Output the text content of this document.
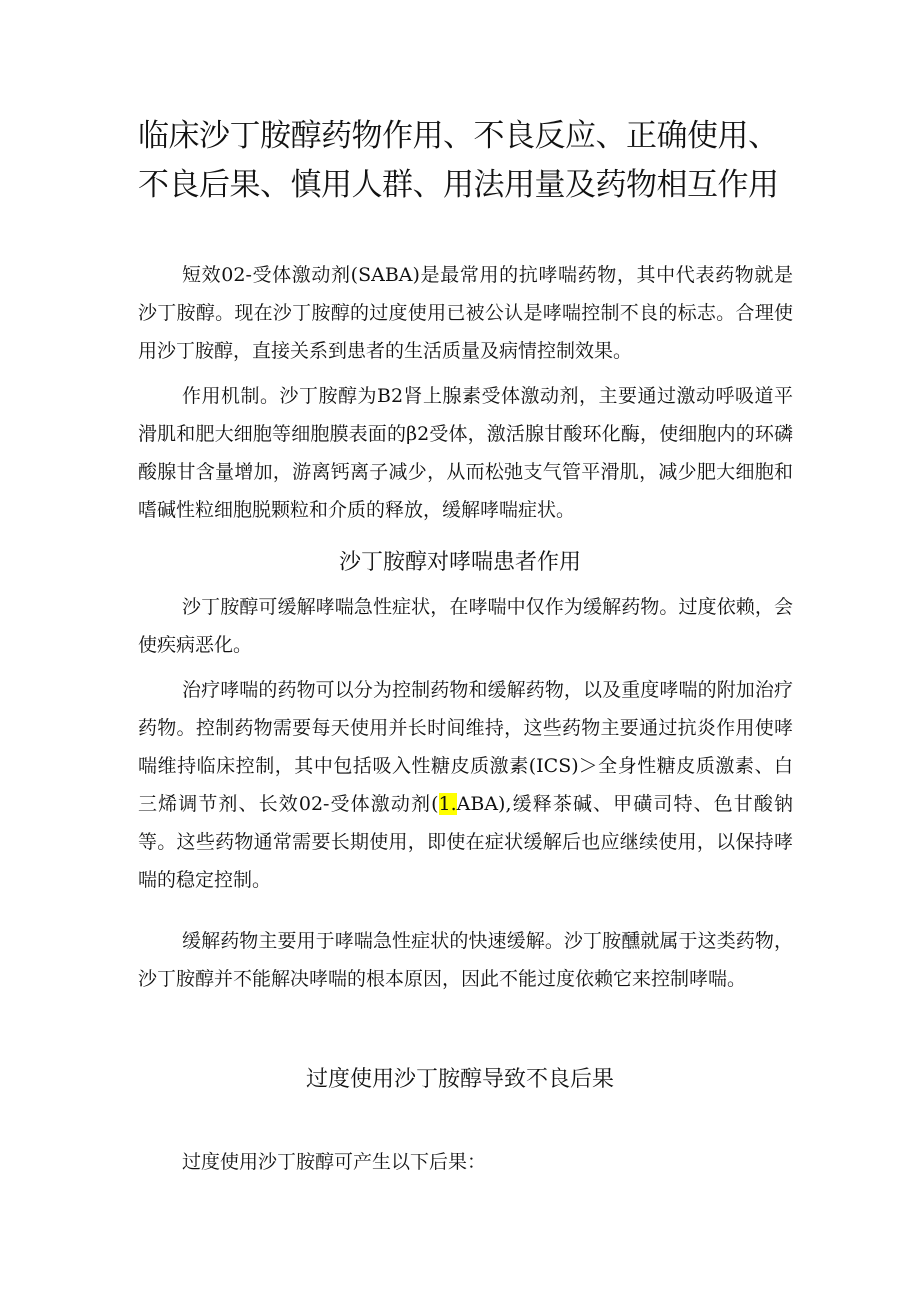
临床沙丁胺醇药物作用、不良反应、正确使用、不良后果、慎用人群、用法用量及药物相互作用

短效02-受体激动剂(SABA)是最常用的抗哮喘药物，其中代表药物就是沙丁胺醇。现在沙丁胺醇的过度使用已被公认是哮喘控制不良的标志。合理使用沙丁胺醇，直接关系到患者的生活质量及病情控制效果。

作用机制。沙丁胺醇为B2肾上腺素受体激动剂，主要通过激动呼吸道平滑肌和肥大细胞等细胞膜表面的β2受体，激活腺甘酸环化酶，使细胞内的环磷酸腺甘含量增加，游离钙离子减少，从而松弛支气管平滑肌，减少肥大细胞和嗜碱性粒细胞脱颗粒和介质的释放，缓解哮喘症状。

沙丁胺醇对哮喘患者作用

沙丁胺醇可缓解哮喘急性症状，在哮喘中仅作为缓解药物。过度依赖，会使疾病恶化。

治疗哮喘的药物可以分为控制药物和缓解药物，以及重度哮喘的附加治疗药物。控制药物需要每天使用并长时间维持，这些药物主要通过抗炎作用使哮喘维持临床控制，其中包括吸入性糖皮质激素(ICS)＞全身性糖皮质激素、白三烯调节剂、长效02-受体激动剂(1.ABA),缓释茶碱、甲磺司特、色甘酸钠等。这些药物通常需要长期使用，即使在症状缓解后也应继续使用，以保持哮喘的稳定控制。

缓解药物主要用于哮喘急性症状的快速缓解。沙丁胺醺就属于这类药物，沙丁胺醇并不能解决哮喘的根本原因，因此不能过度依赖它来控制哮喘。

过度使用沙丁胺醇导致不良后果

过度使用沙丁胺醇可产生以下后果：
